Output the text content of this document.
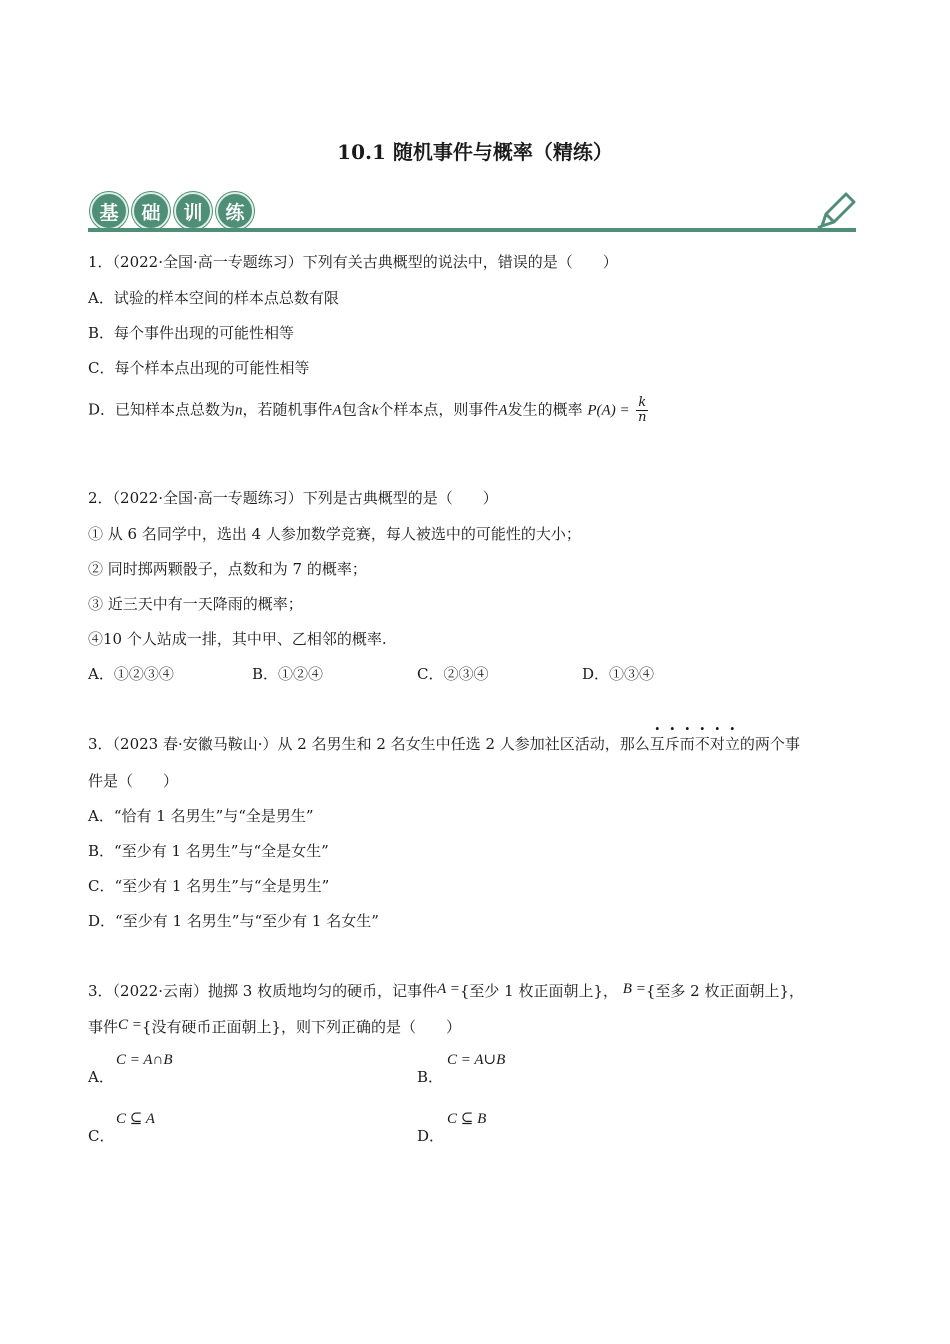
10.1 随机事件与概率（精练）
基	础	训	练
1．（2022·全国·高一专题练习）下列有关古典概型的说法中，错误的是（　　）
A．试验的样本空间的样本点总数有限
B．每个事件出现的可能性相等
C．每个样本点出现的可能性相等
D．已知样本点总数为n，若随机事件A包含k个样本点，则事件A发生的概率 $P(A) = \frac{k}{n}$
2．（2022·全国·高一专题练习）下列是古典概型的是（　　）
① 从 6 名同学中，选出 4 人参加数学竞赛，每人被选中的可能性的大小；
② 同时掷两颗骰子，点数和为 7 的概率；
③ 近三天中有一天降雨的概率；
④10 个人站成一排，其中甲、乙相邻的概率.
A．①②③④	B．①②④	C．②③④	D．①③④
3．（2023 春·安徽马鞍山·）从 2 名男生和 2 名女生中任选 2 人参加社区活动，那么互斥而不对立的两个事
件是（　　）
A．“恰有 1 名男生”与“全是男生”
B．“至少有 1 名男生”与“全是女生”
C．“至少有 1 名男生”与“全是男生”
D．“至少有 1 名男生”与“至少有 1 名女生”
3．（2022·云南）抛掷 3 枚质地均匀的硬币，记事件A ={至少 1 枚正面朝上}， B ={至多 2 枚正面朝上}，
事件C ={没有硬币正面朝上}，则下列正确的是（　　）
C = A∩B
A．
C = A∪B
B．
C ⊆ A
C．
C ⊆ B
D．
